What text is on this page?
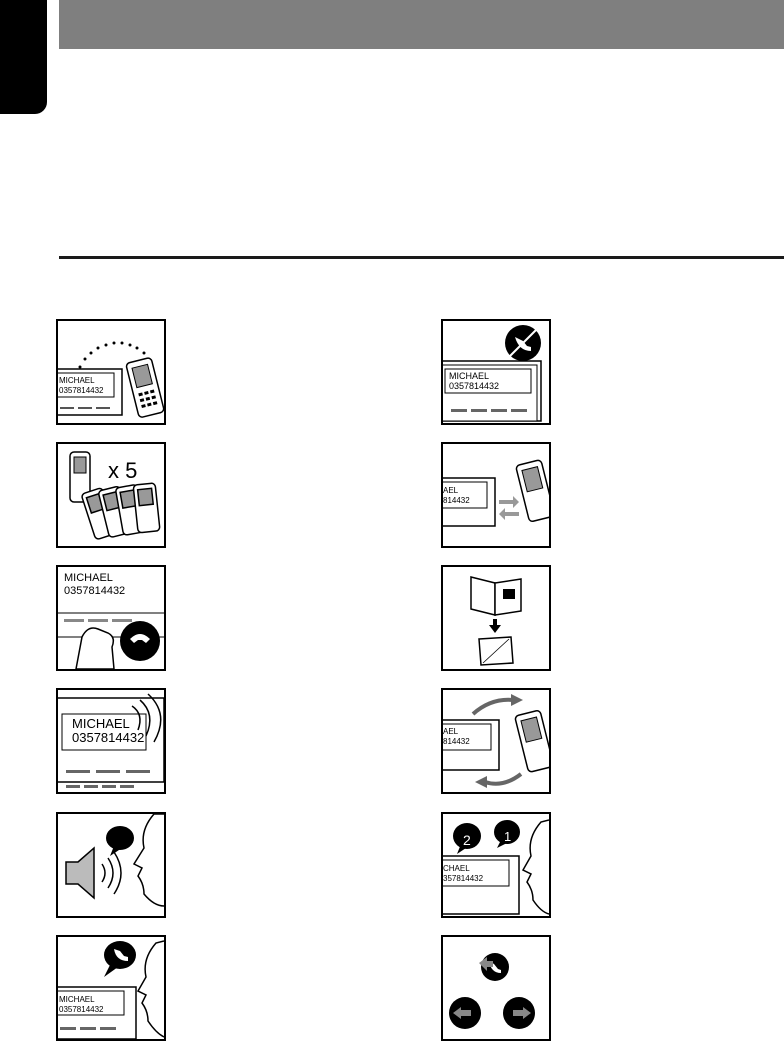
MICHAEL
0357814432
x 5
MICHAEL
0357814432
MICHAEL
0357814432
MICHAEL
0357814432
MICHAEL
0357814432
AEL
814432
AEL
814432
CHAEL
357814432
2	1
